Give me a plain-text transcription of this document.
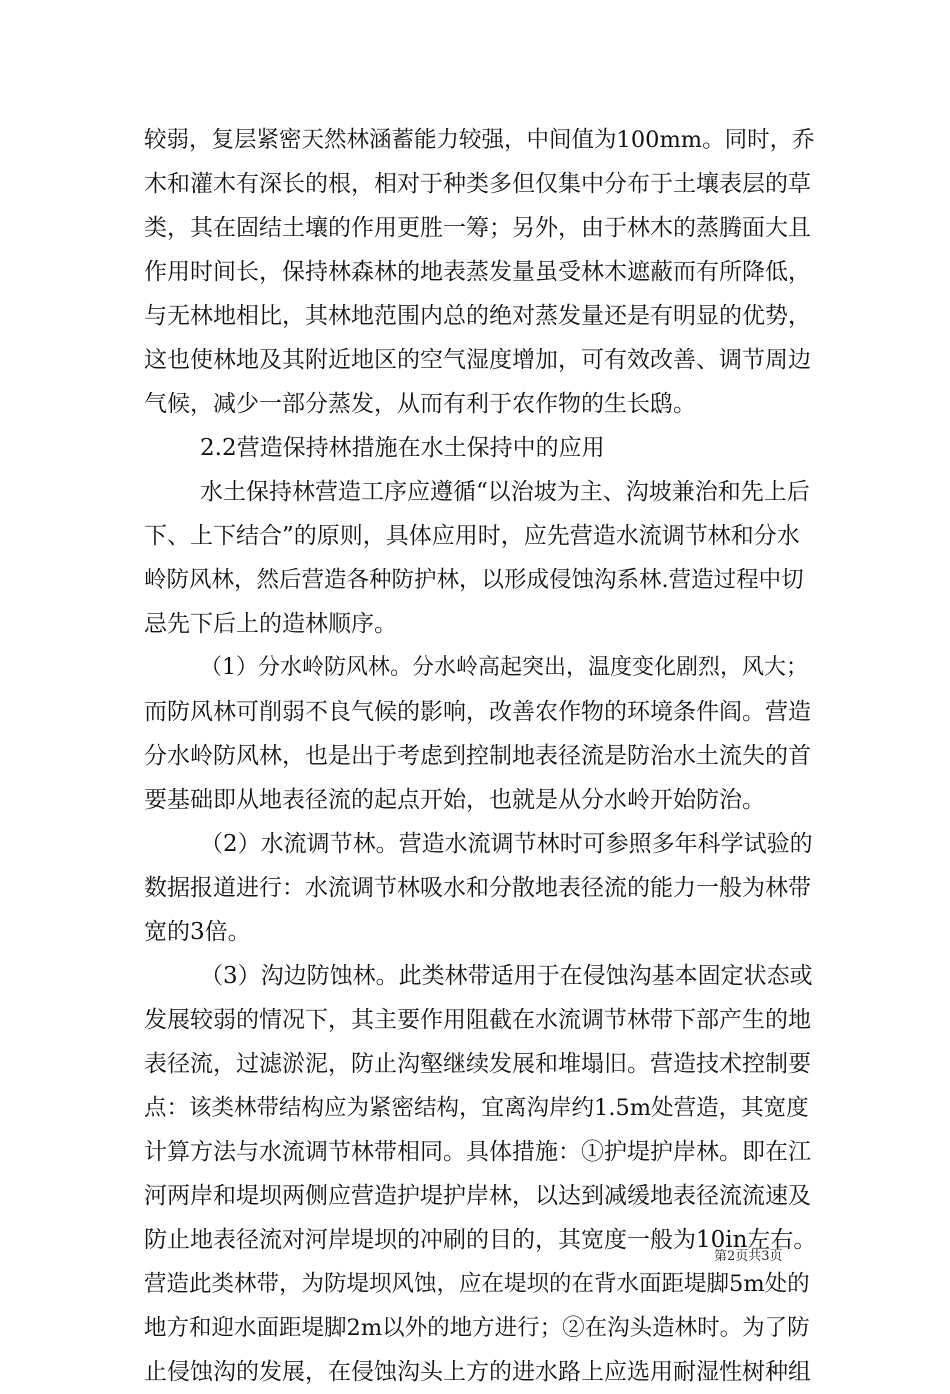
较弱，复层紧密天然林涵蓄能力较强，中间值为100mm。同时，乔
木和灌木有深长的根，相对于种类多但仅集中分布于土壤表层的草
类，其在固结土壤的作用更胜一筹；另外，由于林木的蒸腾面大且
作用时间长，保持林森林的地表蒸发量虽受林木遮蔽而有所降低，
与无林地相比，其林地范围内总的绝对蒸发量还是有明显的优势，
这也使林地及其附近地区的空气湿度增加，可有效改善、调节周边
气候，减少一部分蒸发，从而有利于农作物的生长鸱。
2.2营造保持林措施在水土保持中的应用
水土保持林营造工序应遵循“以治坡为主、沟坡兼治和先上后
下、上下结合”的原则，具体应用时，应先营造水流调节林和分水
岭防风林，然后营造各种防护林，以形成侵蚀沟系林.营造过程中切
忌先下后上的造林顺序。
（1）分水岭防风林。分水岭高起突出，温度变化剧烈，风大；
而防风林可削弱不良气候的影响，改善农作物的环境条件阎。营造
分水岭防风林，也是出于考虑到控制地表径流是防治水土流失的首
要基础即从地表径流的起点开始，也就是从分水岭开始防治。
（2）水流调节林。营造水流调节林时可参照多年科学试验的
数据报道进行：水流调节林吸水和分散地表径流的能力一般为林带
宽的3倍。
（3）沟边防蚀林。此类林带适用于在侵蚀沟基本固定状态或
发展较弱的情况下，其主要作用阻截在水流调节林带下部产生的地
表径流，过滤淤泥，防止沟壑继续发展和堆塌旧。营造技术控制要
点：该类林带结构应为紧密结构，宜离沟岸约1.5m处营造，其宽度
计算方法与水流调节林带相同。具体措施：①护堤护岸林。即在江
河两岸和堤坝两侧应营造护堤护岸林，以达到减缓地表径流流速及
防止地表径流对河岸堤坝的冲刷的目的，其宽度一般为10in左右。
营造此类林带，为防堤坝风蚀，应在堤坝的在背水面距堤脚5m处的
地方和迎水面距堤脚2m以外的地方进行；②在沟头造林时。为了防
止侵蚀沟的发展，在侵蚀沟头上方的进水路上应选用耐湿性树种组
第2页共3页
